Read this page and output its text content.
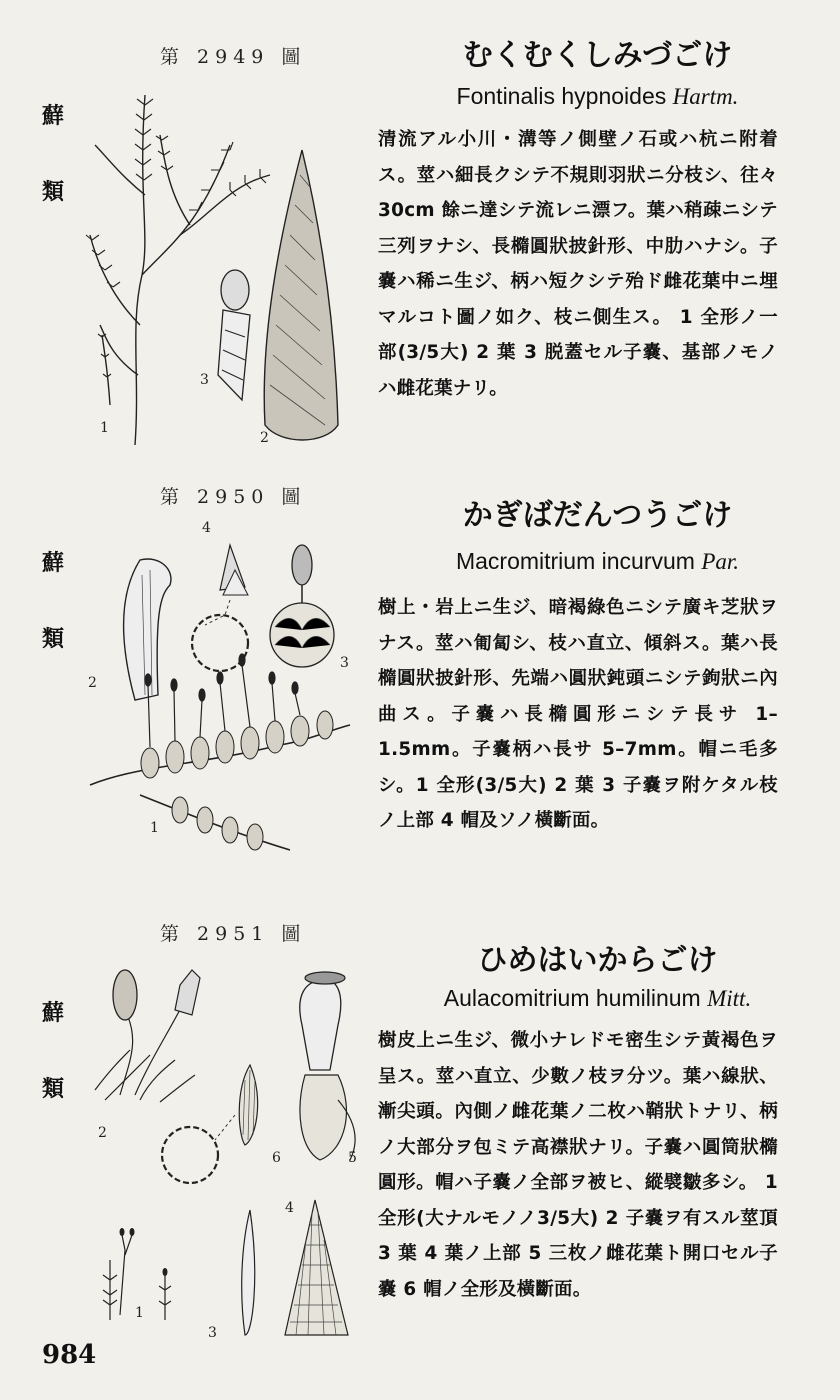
第 2949 圖
蘚
類
1
2
3
むくむくしみづごけ
Fontinalis hypnoides Hartm.
清流アル小川・溝等ノ側壁ノ石或ハ杭ニ附着ス。莖ハ細長クシテ不規則羽狀ニ分枝シ、往々 30cm 餘ニ達シテ流レニ漂フ。葉ハ稍疎ニシテ三列ヲナシ、長橢圓狀披針形、中肋ハナシ。子嚢ハ稀ニ生ジ、柄ハ短クシテ殆ド雌花葉中ニ埋マルコト圖ノ如ク、枝ニ側生ス。 1 全形ノ一部(3/5大) 2 葉 3 脱蓋セル子嚢、基部ノモノハ雌花葉ナリ。
第 2950 圖
蘚
類
1
2
3
4	かぎばだんつうごけ
Macromitrium incurvum Par.
樹上・岩上ニ生ジ、暗褐綠色ニシテ廣キ芝狀ヲナス。莖ハ匍匐シ、枝ハ直立、傾斜ス。葉ハ長橢圓狀披針形、先端ハ圓狀鈍頭ニシテ鉤狀ニ內曲ス。子嚢ハ長橢圓形ニシテ長サ 1–1.5mm。子嚢柄ハ長サ 5–7mm。帽ニ毛多シ。1 全形(3/5大) 2 葉 3 子嚢ヲ附ケタル枝ノ上部 4 帽及ソノ橫斷面。
第 2951 圖
蘚
類
1
2
3
4
5
6
ひめはいからごけ
Aulacomitrium humilinum Mitt.
樹皮上ニ生ジ、微小ナレドモ密生シテ黃褐色ヲ呈ス。莖ハ直立、少數ノ枝ヲ分ツ。葉ハ線狀、漸尖頭。內側ノ雌花葉ノ二枚ハ鞘狀トナリ、柄ノ大部分ヲ包ミテ高襟狀ナリ。子嚢ハ圓筒狀橢圓形。帽ハ子嚢ノ全部ヲ被ヒ、縱襞皺多シ。 1 全形(大ナルモノノ3/5大) 2 子嚢ヲ有スル莖頂 3 葉 4 葉ノ上部 5 三枚ノ雌花葉ト開口セル子嚢 6 帽ノ全形及橫斷面。
984
